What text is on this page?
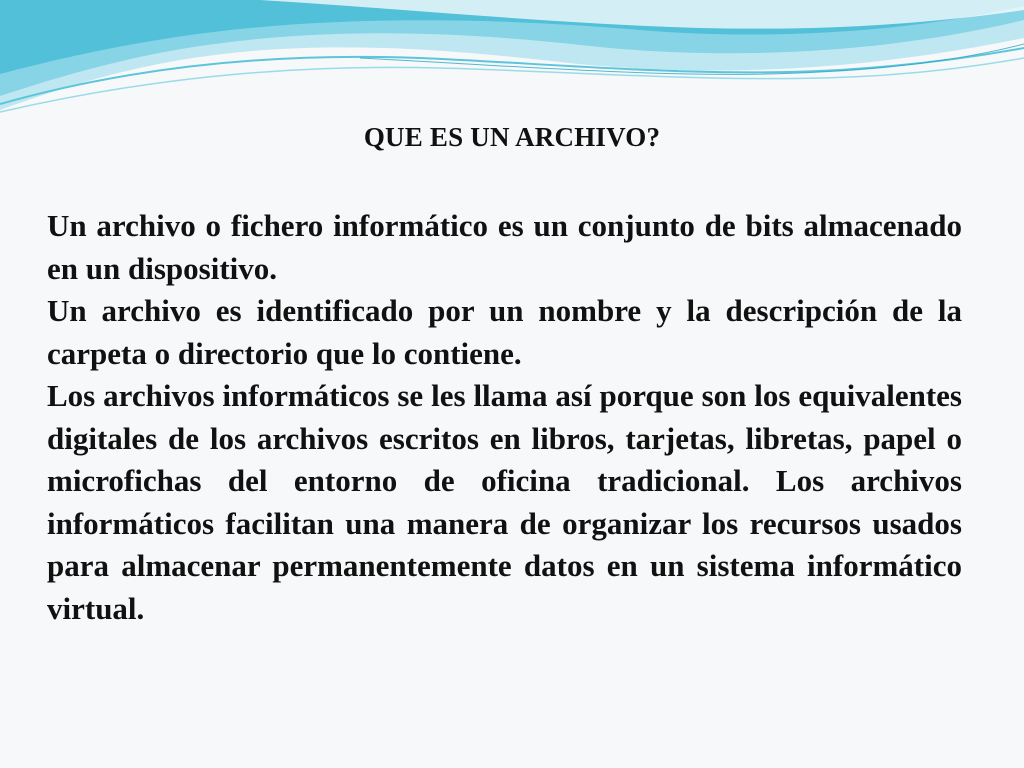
QUE ES UN ARCHIVO?

Un archivo o fichero informático es un conjunto de bits almacenado en un dispositivo.

Un archivo es identificado por un nombre y la descripción de la carpeta o directorio que lo contiene.

Los archivos informáticos se les llama así porque son los equivalentes digitales de los archivos escritos en libros, tarjetas, libretas, papel o microfichas del entorno de oficina tradicional. Los archivos informáticos facilitan una manera de organizar los recursos usados para almacenar permanentemente datos en un sistema informático virtual.
